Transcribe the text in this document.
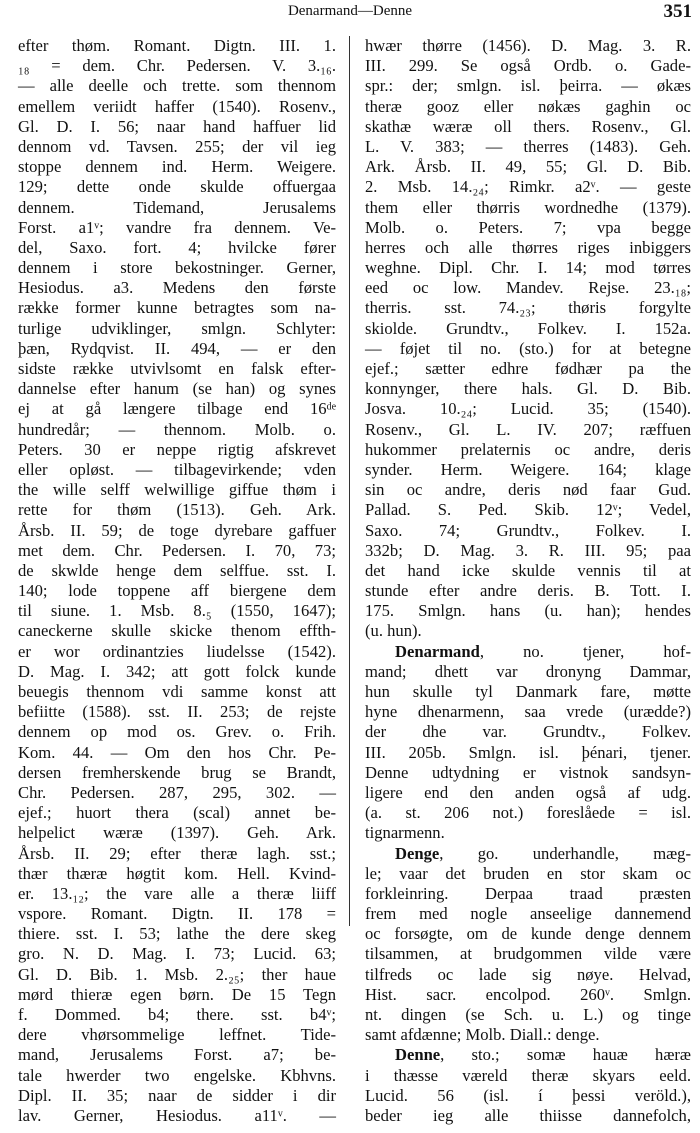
Denarmand—Denne	351
efter thøm. Romant. Digtn. III. 1.
₁₈ = dem. Chr. Pedersen. V. 3.₁₆.
— alle deelle och trette. som thennom
emellem veriidt haffer (1540). Rosenv.,
Gl. D. I. 56; naar hand haffuer lid
dennom vd. Tavsen. 255; der vil ieg
stoppe dennem ind. Herm. Weigere.
129; dette onde skulde offuergaa
dennem. Tidemand, Jerusalems
Forst. a1ᵛ; vandre fra dennem. Ve-
del, Saxo. fort. 4; hvilcke fører
dennem i store bekostninger. Gerner,
Hesiodus. a3. Medens den første
række former kunne betragtes som na-
turlige udviklinger, smlgn. Schlyter:
þæn, Rydqvist. II. 494, — er den
sidste række utvivlsomt en falsk efter-
dannelse efter hanum (se han) og synes
ej at gå længere tilbage end 16ᵈᵉ
hundredår; — thennom. Molb. o.
Peters. 30 er neppe rigtig afskrevet
eller opløst. — tilbagevirkende; vden
the wille selff welwillige giffue thøm i
rette for thøm (1513). Geh. Ark.
Årsb. II. 59; de toge dyrebare gaffuer
met dem. Chr. Pedersen. I. 70, 73;
de skwlde henge dem selffue. sst. I.
140; lode toppene aff biergene dem
til siune. 1. Msb. 8.₅ (1550, 1647);
caneckerne skulle skicke thenom effth-
er wor ordinantzies liudelsse (1542).
D. Mag. I. 342; att gott folck kunde
beuegis thennom vdi samme konst att
befiitte (1588). sst. II. 253; de rejste
dennem op mod os. Grev. o. Frih.
Kom. 44. — Om den hos Chr. Pe-
dersen fremherskende brug se Brandt,
Chr. Pedersen. 287, 295, 302. —
ejef.; huort thera (scal) annet be-
helpelict wæræ (1397). Geh. Ark.
Årsb. II. 29; efter theræ lagh. sst.;
thær thæræ høgtit kom. Hell. Kvind-
er. 13.₁₂; the vare alle a theræ liiff
vspore. Romant. Digtn. II. 178 =
thiere. sst. I. 53; lathe the dere skeg
gro. N. D. Mag. I. 73; Lucid. 63;
Gl. D. Bib. 1. Msb. 2.₂₅; ther haue
mørd thieræ egen børn. De 15 Tegn
f. Dommed. b4; there. sst. b4ᵛ;
dere vhørsommelige leffnet. Tide-
mand, Jerusalems Forst. a7; be-
tale hwerder two engelske. Kbhvns.
Dipl. II. 35; naar de sidder i dir
lav. Gerner, Hesiodus. a11ᵛ. —
hwær thørre (1456). D. Mag. 3. R.
III. 299. Se også Ordb. o. Gade-
spr.: der; smlgn. isl. þeirra. — økæs
theræ gooz eller nøkæs gaghin oc
skathæ wæræ oll thers. Rosenv., Gl.
L. V. 383; — therres (1483). Geh.
Ark. Årsb. II. 49, 55; Gl. D. Bib.
2. Msb. 14.₂₄; Rimkr. a2ᵛ. — geste
them eller thørris wordnedhe (1379).
Molb. o. Peters. 7; vpa begge
herres och alle thørres riges inbiggers
weghne. Dipl. Chr. I. 14; mod tørres
eed oc low. Mandev. Rejse. 23.₁₈;
therris. sst. 74.₂₃; thøris forgylte
skiolde. Grundtv., Folkev. I. 152a.
— føjet til no. (sto.) for at betegne
ejef.; sætter edhre fødhær pa the
konnynger, there hals. Gl. D. Bib.
Josva. 10.₂₄; Lucid. 35; (1540).
Rosenv., Gl. L. IV. 207; ræffuen
hukommer prelaternis oc andre, deris
synder. Herm. Weigere. 164; klage
sin oc andre, deris nød faar Gud.
Pallad. S. Ped. Skib. 12ᵛ; Vedel,
Saxo. 74; Grundtv., Folkev. I.
332b; D. Mag. 3. R. III. 95; paa
det hand icke skulde vennis til at
stunde efter andre deris. B. Tott. I.
175. Smlgn. hans (u. han); hendes
(u. hun).
Denarmand, no. tjener, hof-
mand; dhett var dronyng Dammar,
hun skulle tyl Danmark fare, møtte
hyne dhenarmenn, saa vrede (urædde?)
der dhe var. Grundtv., Folkev.
III. 205b. Smlgn. isl. þénari, tjener.
Denne udtydning er vistnok sandsyn-
ligere end den anden også af udg.
(a. st. 206 not.) foreslåede = isl.
tignarmenn.
Denge, go. underhandle, mæg-
le; vaar det bruden en stor skam oc
forkleinring. Derpaa traad præsten
frem med nogle anseelige dannemend
oc forsøgte, om de kunde denge dennem
tilsammen, at brudgommen vilde være
tilfreds oc lade sig nøye. Helvad,
Hist. sacr. encolpod. 260ᵛ. Smlgn.
nt. dingen (se Sch. u. L.) og tinge
samt afdænne; Molb. Diall.: denge.
Denne, sto.; somæ hauæ hæræ
i thæsse væreld theræ skyars eeld.
Lucid. 56 (isl. í þessi veröld.),
beder ieg alle thiisse dannefolch,
